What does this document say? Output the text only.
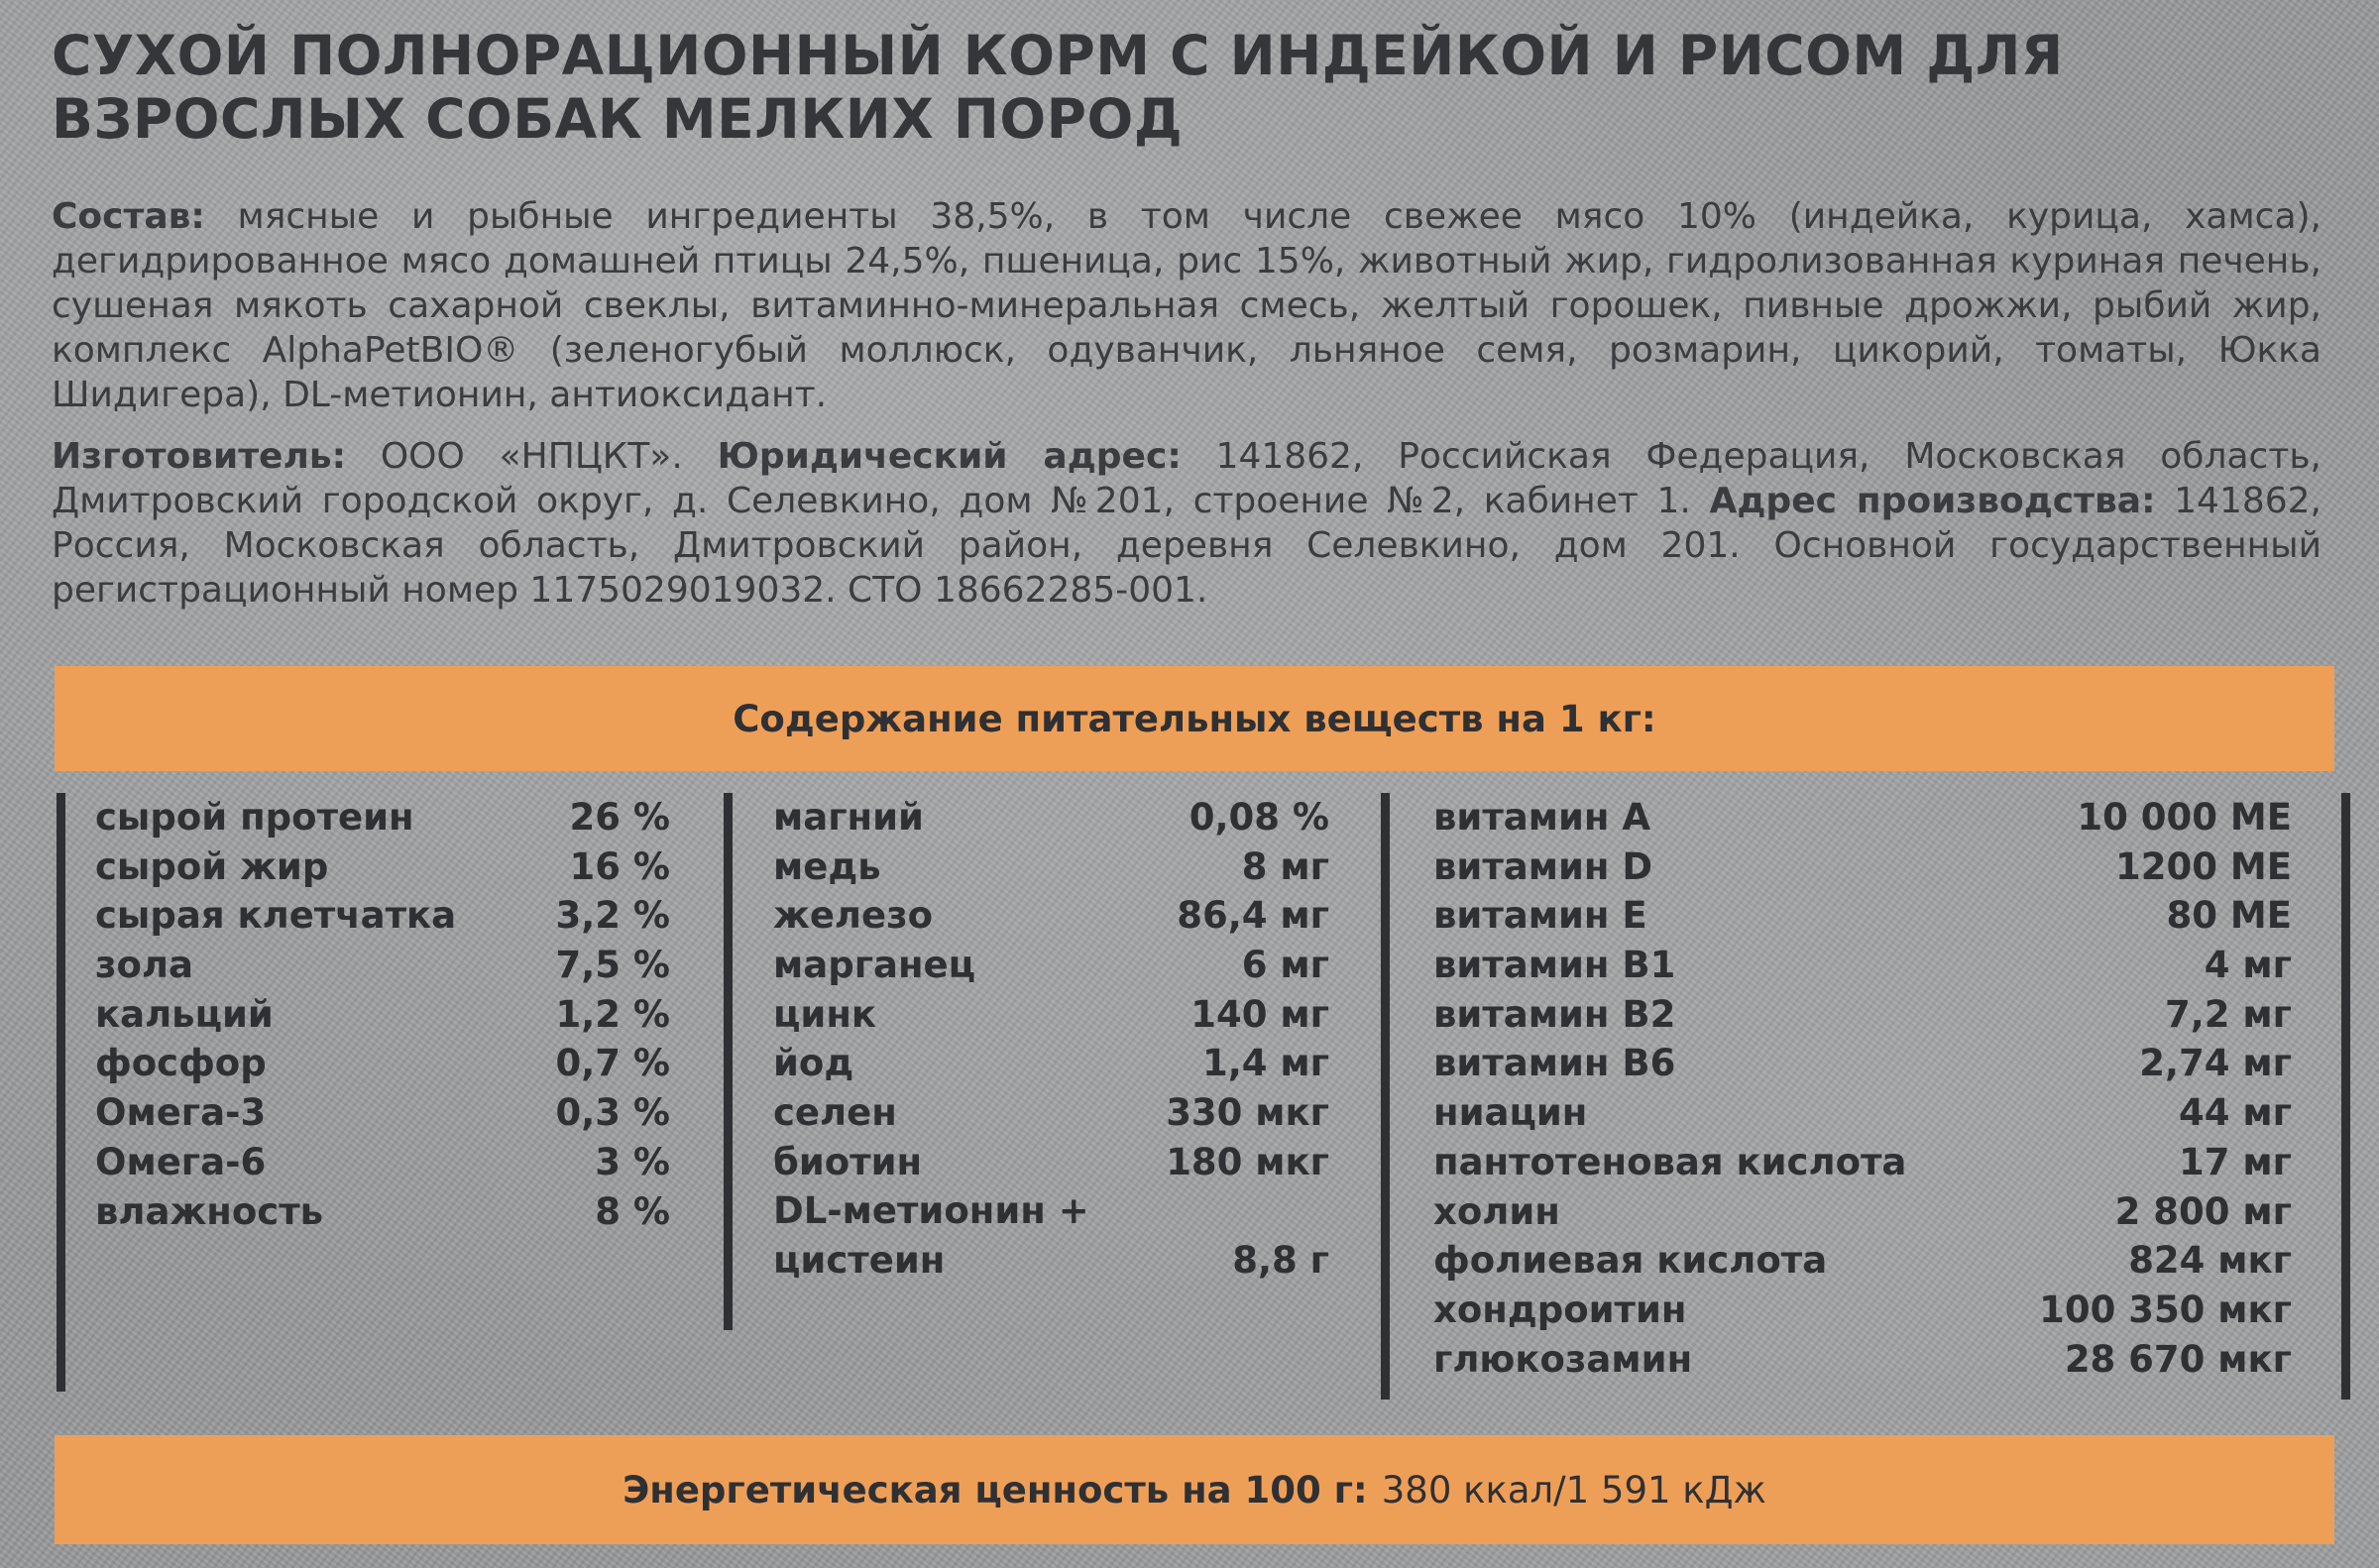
СУХОЙ ПОЛНОРАЦИОННЫЙ КОРМ С ИНДЕЙКОЙ И РИСОМ ДЛЯ ВЗРОСЛЫХ СОБАК МЕЛКИХ ПОРОД

Состав: мясные и рыбные ингредиенты 38,5%, в том числе свежее мясо 10% (индейка, курица, хамса), дегидрированное мясо домашней птицы 24,5%, пшеница, рис 15%, животный жир, гидролизованная куриная печень, сушеная мякоть сахарной свеклы, витаминно-минеральная смесь, желтый горошек, пивные дрожжи, рыбий жир, комплекс AlphaPetBIO® (зеленогубый моллюск, одуванчик, льняное семя, розмарин, цикорий, томаты, Юкка Шидигера), DL-метионин, антиоксидант.

Изготовитель: ООО «НПЦКТ». Юридический адрес: 141862, Российская Федерация, Московская область, Дмитровский городской округ, д. Селевкино, дом №201, строение №2, кабинет 1. Адрес производства: 141862, Россия, Московская область, Дмитровский район, деревня Селевкино, дом 201. Основной государственный регистрационный номер 1175029019032. СТО 18662285-001.

Содержание питательных веществ на 1 кг:
сырой протеин	26 %
сырой жир	16 %
сырая клетчатка	3,2 %
зола	7,5 %
кальций	1,2 %
фосфор	0,7 %
Омега-3	0,3 %
Омега-6	3 %
влажность	8 %
магний	0,08 %
медь	8 мг
железо	86,4 мг
марганец	6 мг
цинк	140 мг
йод	1,4 мг
селен	330 мкг
биотин	180 мкг
DL-метионин +
цистеин	8,8 г
витамин А	10 000 МЕ
витамин D	1200 МЕ
витамин E	80 МЕ
витамин B1	4 мг
витамин B2	7,2 мг
витамин B6	2,74 мг
ниацин	44 мг
пантотеновая кислота	17 мг
холин	2 800 мг
фолиевая кислота	824 мкг
хондроитин	100 350 мкг
глюкозамин	28 670 мкг
Энергетическая ценность на 100 г: 380 ккал/1 591 кДж
